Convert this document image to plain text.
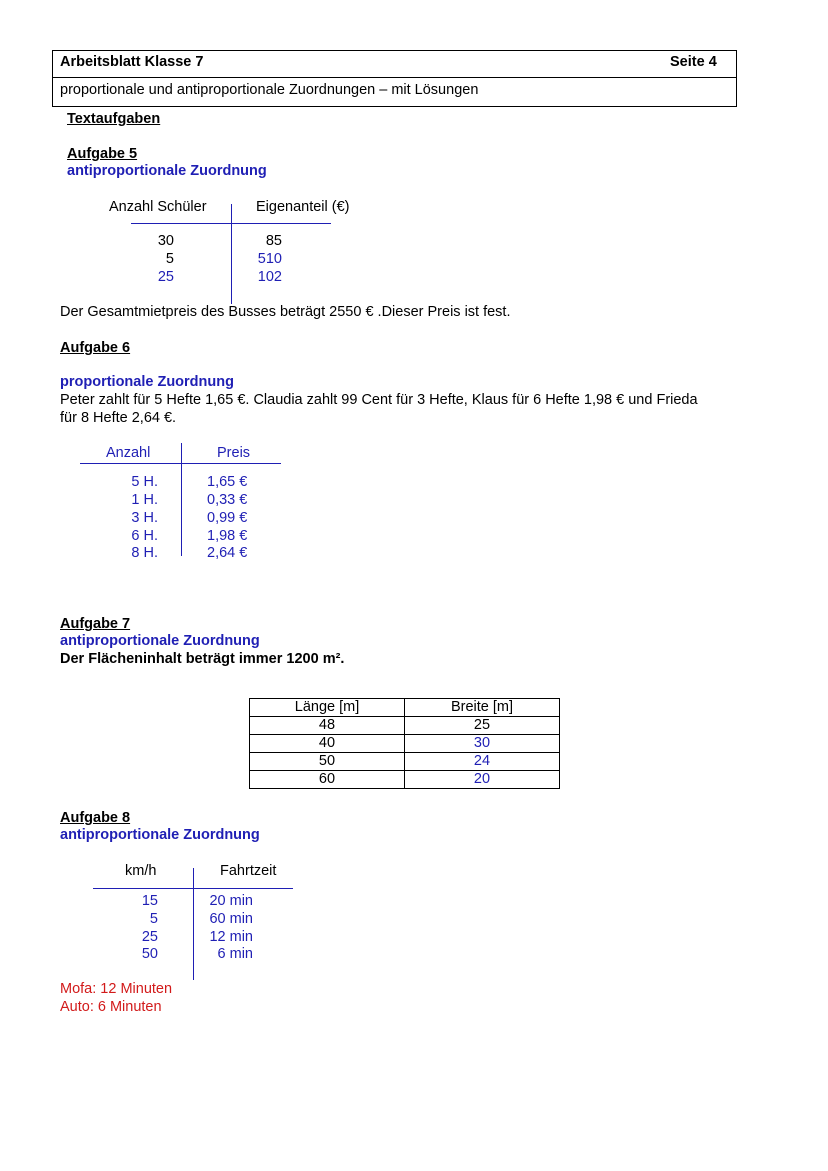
Arbeitsblatt Klasse 7	Seite 4
proportionale und antiproportionale Zuordnungen – mit Lösungen
Textaufgaben
Aufgabe 5
antiproportionale Zuordnung
Anzahl Schüler	Eigenanteil (€)
30	85
5	510
25	102
Der Gesamtmietpreis des Busses beträgt 2550 € .Dieser Preis ist fest.
Aufgabe 6
proportionale Zuordnung
Peter zahlt für 5 Hefte 1,65 €. Claudia zahlt 99 Cent für 3 Hefte, Klaus für 6 Hefte 1,98 € und Frieda
für 8 Hefte 2,64 €.
Anzahl	Preis
5 H.	1,65 €
1 H.	0,33 €
3 H.	0,99 €
6 H.	1,98 €
8 H.	2,64 €
Aufgabe 7
antiproportionale Zuordnung
Der Flächeninhalt beträgt immer 1200 m².
Länge [m]	Breite [m]
48	25
40	30
50	24
60	20
Aufgabe 8
antiproportionale Zuordnung
km/h	Fahrtzeit
15	20 min
5	60 min
25	12 min
50	6 min
Mofa: 12 Minuten
Auto: 6 Minuten
